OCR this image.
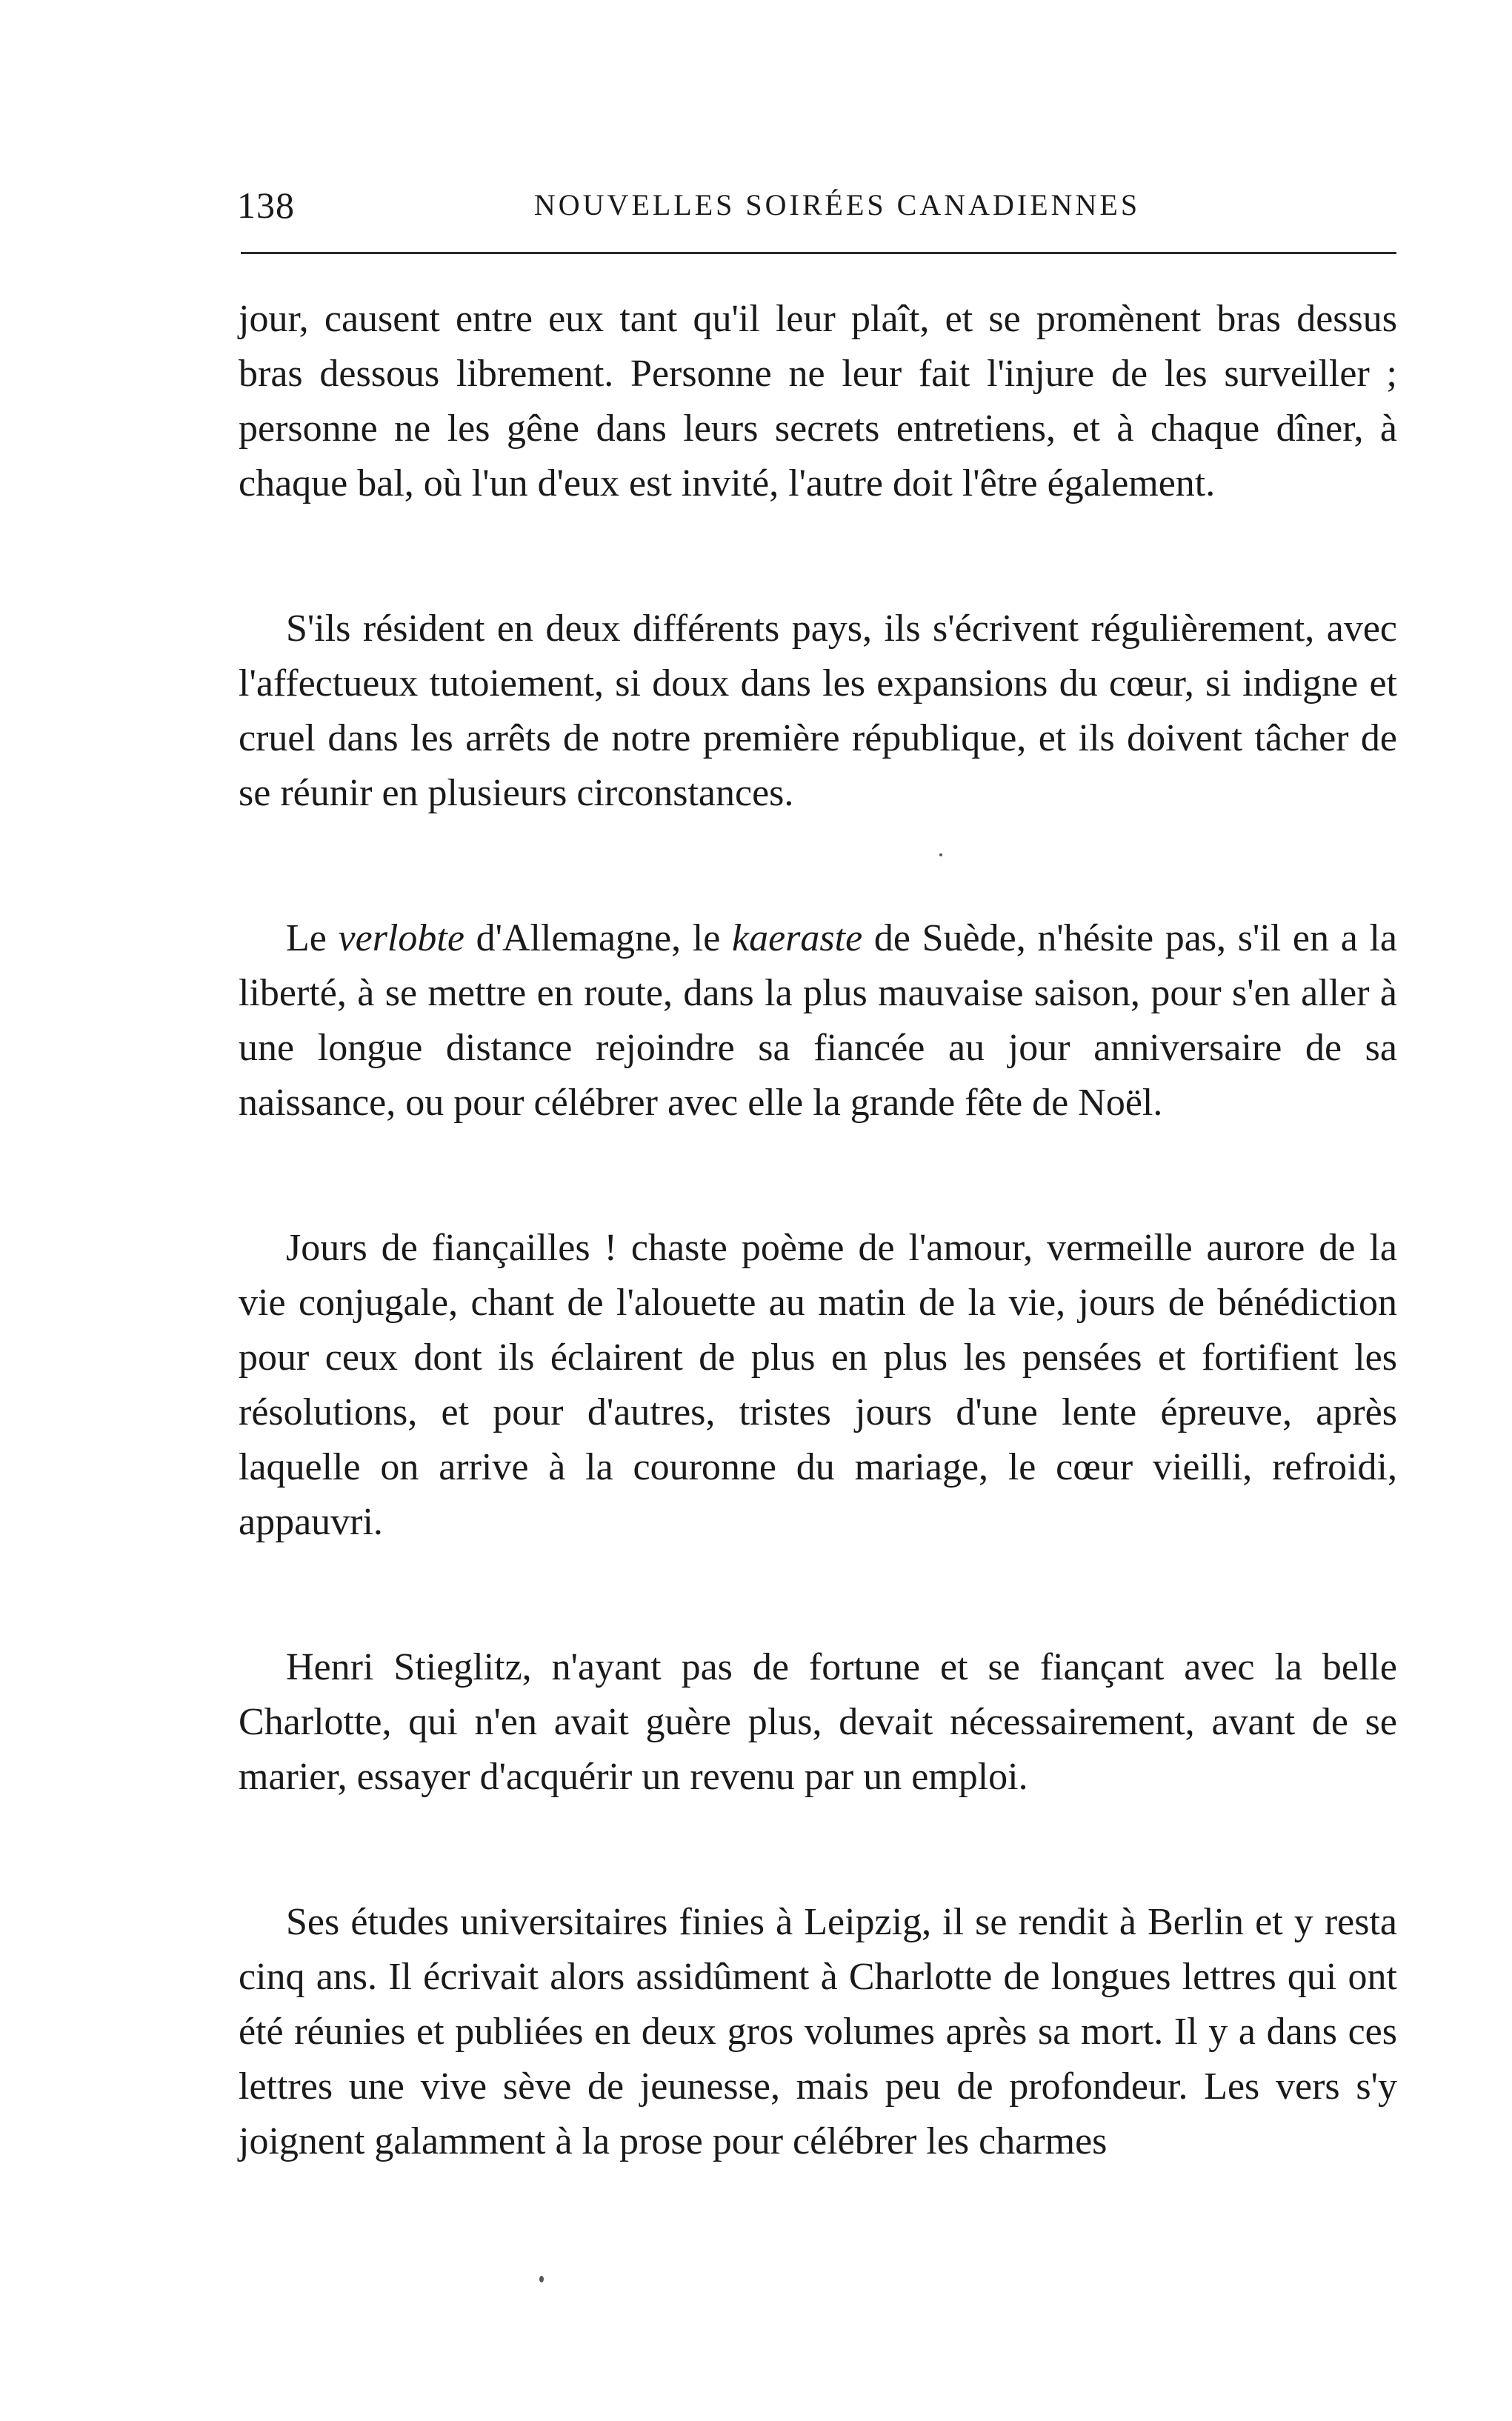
138	NOUVELLES SOIRÉES CANADIENNES

jour, causent entre eux tant qu'il leur plaît, et se promènent bras dessus bras dessous librement. Personne ne leur fait l'injure de les surveiller ; personne ne les gêne dans leurs secrets entretiens, et à chaque dîner, à chaque bal, où l'un d'eux est invité, l'autre doit l'être également.

S'ils résident en deux différents pays, ils s'écrivent régulièrement, avec l'affectueux tutoiement, si doux dans les expansions du cœur, si indigne et cruel dans les arrêts de notre première république, et ils doivent tâcher de se réunir en plusieurs circonstances.

Le verlobte d'Allemagne, le kaeraste de Suède, n'hésite pas, s'il en a la liberté, à se mettre en route, dans la plus mauvaise saison, pour s'en aller à une longue distance rejoindre sa fiancée au jour anniversaire de sa naissance, ou pour célébrer avec elle la grande fête de Noël.

Jours de fiançailles ! chaste poème de l'amour, vermeille aurore de la vie conjugale, chant de l'alouette au matin de la vie, jours de bénédiction pour ceux dont ils éclairent de plus en plus les pensées et fortifient les résolutions, et pour d'autres, tristes jours d'une lente épreuve, après laquelle on arrive à la couronne du mariage, le cœur vieilli, refroidi, appauvri.

Henri Stieglitz, n'ayant pas de fortune et se fiançant avec la belle Charlotte, qui n'en avait guère plus, devait nécessairement, avant de se marier, essayer d'acquérir un revenu par un emploi.

Ses études universitaires finies à Leipzig, il se rendit à Berlin et y resta cinq ans. Il écrivait alors assidûment à Charlotte de longues lettres qui ont été réunies et publiées en deux gros volumes après sa mort. Il y a dans ces lettres une vive sève de jeunesse, mais peu de profondeur. Les vers s'y joignent galamment à la prose pour célébrer les charmes
